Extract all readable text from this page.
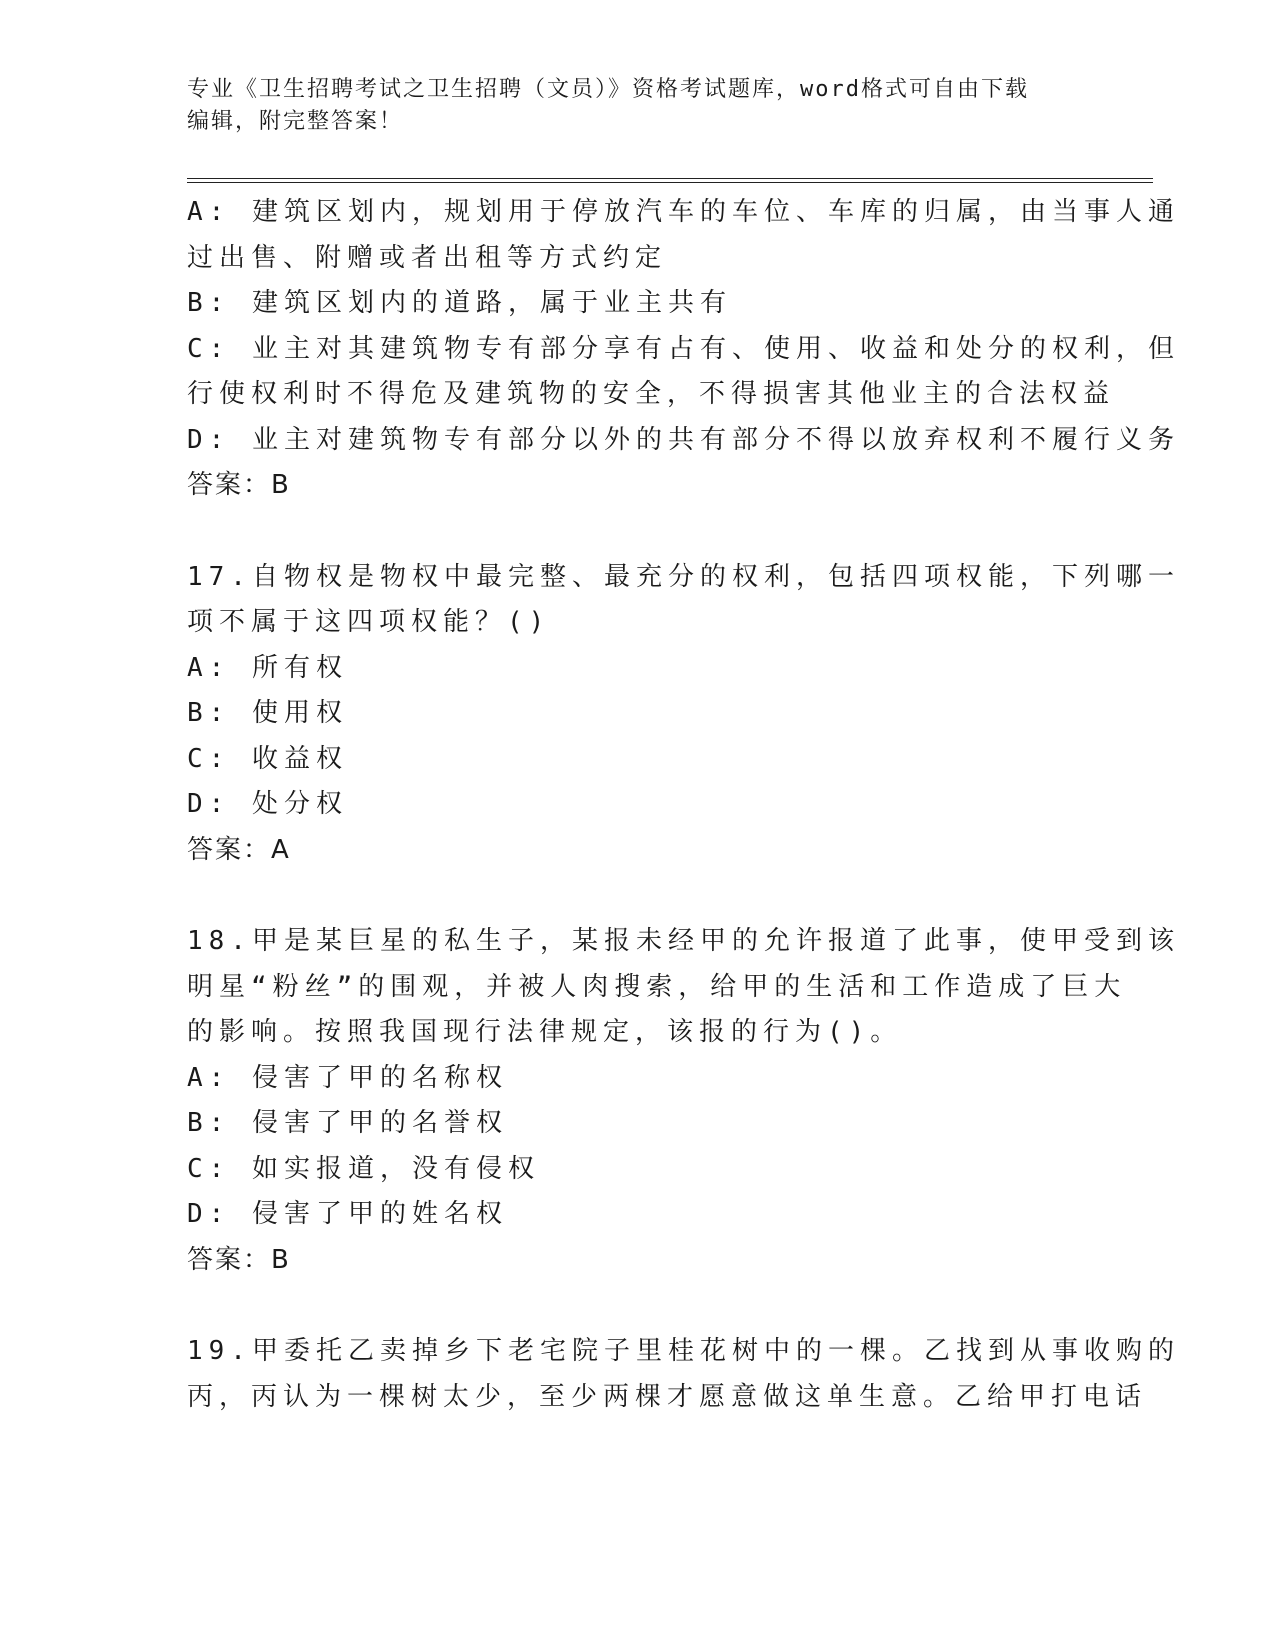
专业《卫生招聘考试之卫生招聘（文员）》资格考试题库，word格式可自由下载
编辑，附完整答案！
A: 建筑区划内，规划用于停放汽车的车位、车库的归属，由当事人通
过出售、附赠或者出租等方式约定
B: 建筑区划内的道路，属于业主共有
C: 业主对其建筑物专有部分享有占有、使用、收益和处分的权利，但
行使权利时不得危及建筑物的安全，不得损害其他业主的合法权益
D: 业主对建筑物专有部分以外的共有部分不得以放弃权利不履行义务
答案：B
17.自物权是物权中最完整、最充分的权利，包括四项权能，下列哪一
项不属于这四项权能？()
A: 所有权
B: 使用权
C: 收益权
D: 处分权
答案：A
18.甲是某巨星的私生子，某报未经甲的允许报道了此事，使甲受到该
明星“粉丝”的围观，并被人肉搜索，给甲的生活和工作造成了巨大
的影响。按照我国现行法律规定，该报的行为()。
A: 侵害了甲的名称权
B: 侵害了甲的名誉权
C: 如实报道，没有侵权
D: 侵害了甲的姓名权
答案：B
19.甲委托乙卖掉乡下老宅院子里桂花树中的一棵。乙找到从事收购的
丙，丙认为一棵树太少，至少两棵才愿意做这单生意。乙给甲打电话
